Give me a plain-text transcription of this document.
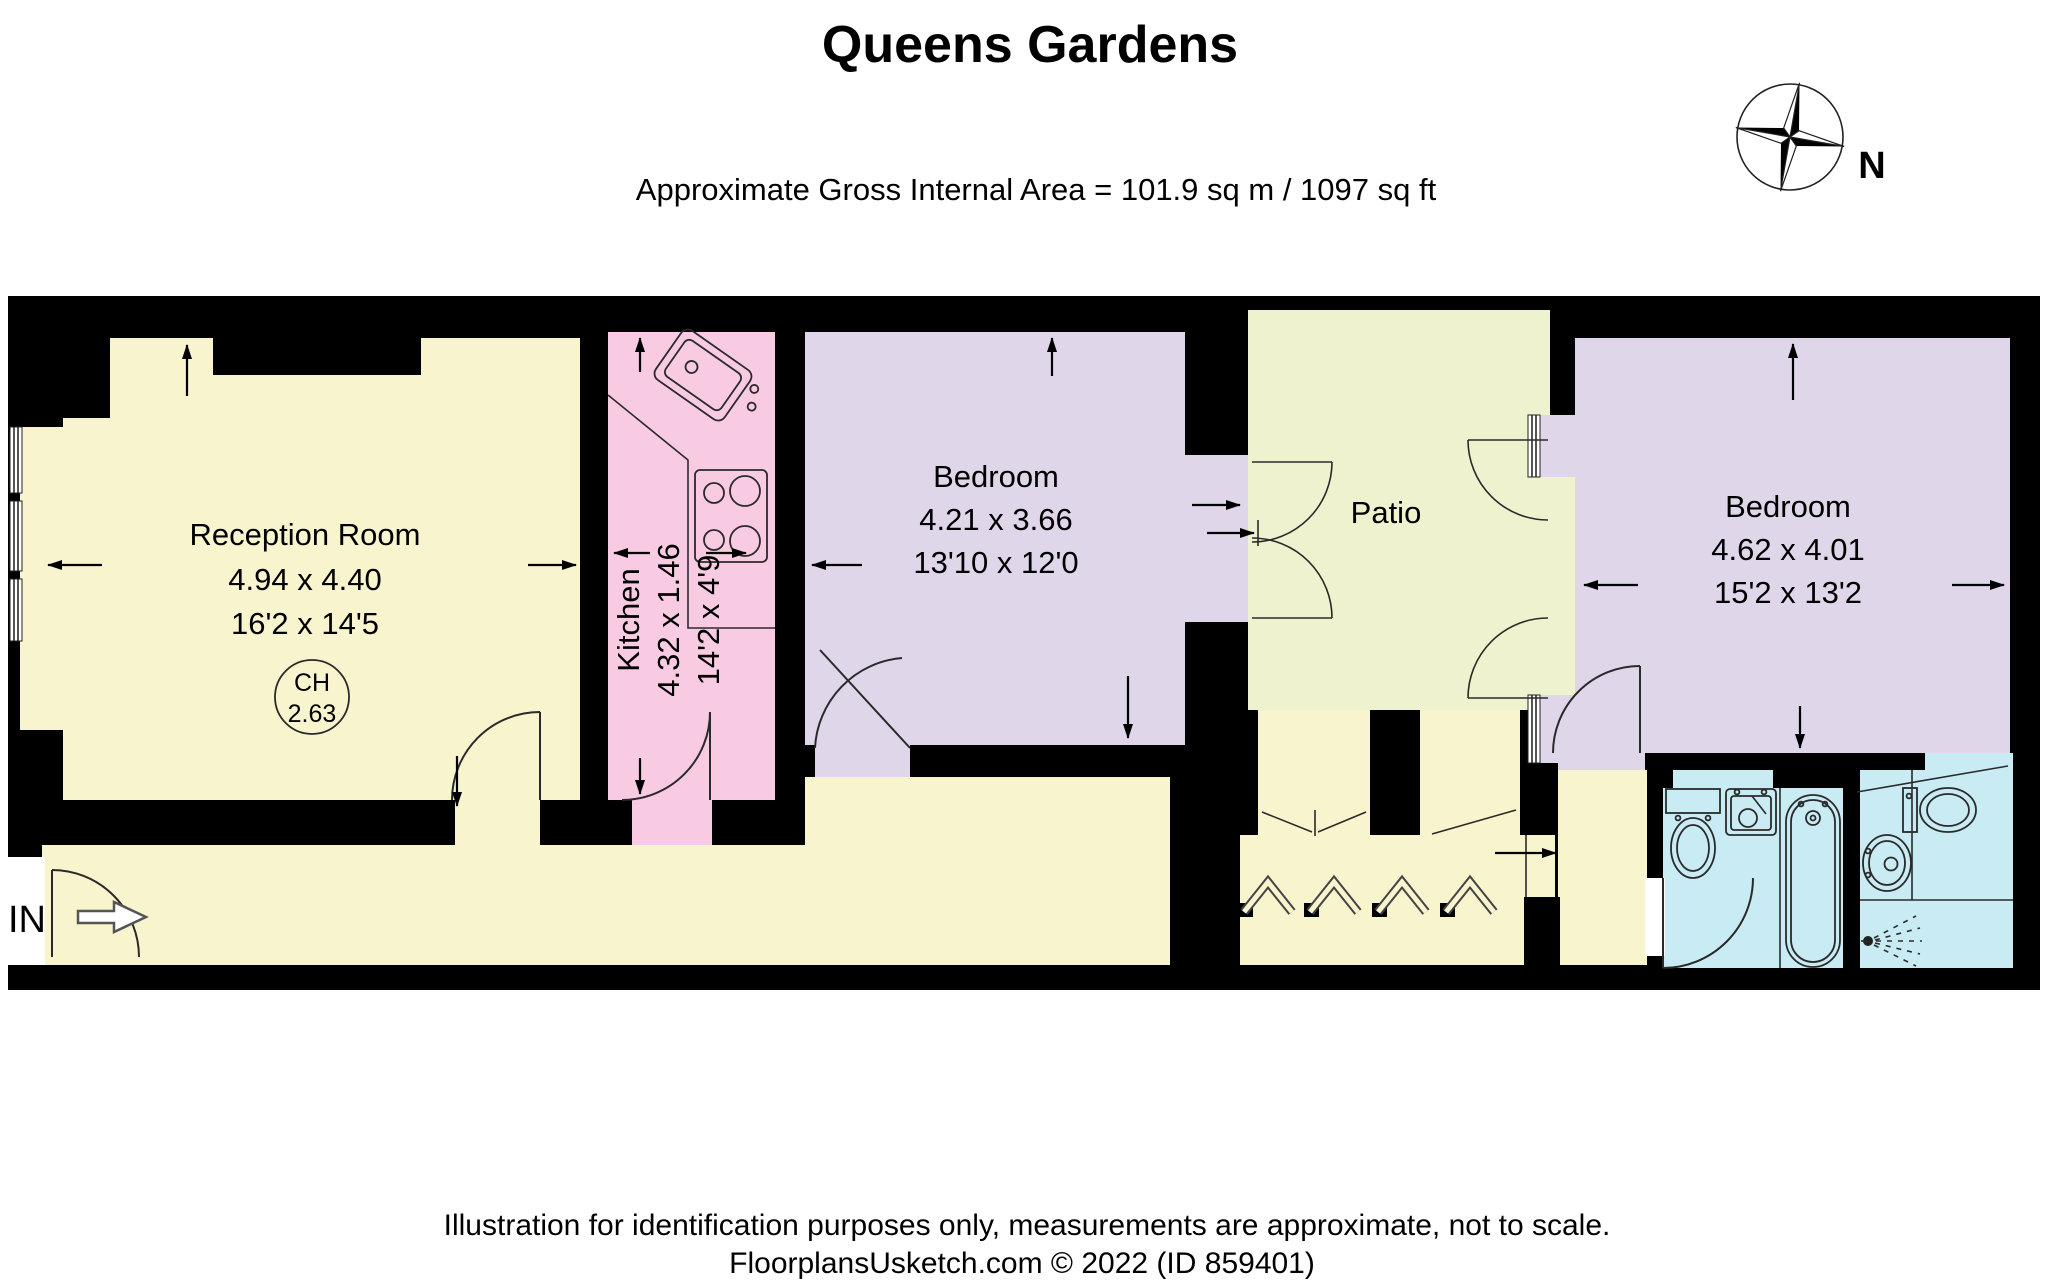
Queens Gardens
Approximate Gross Internal Area = 101.9 sq m / 1097 sq ft
N
IN
Reception Room
4.94 x 4.40
16'2 x 14'5
CH
2.63
Kitchen 4.32 x 1.46 14'2 x 4'9
Bedroom
4.21 x 3.66
13'10 x 12'0
Patio	Bedroom
4.62 x 4.01
15'2 x 13'2
Illustration for identification purposes only, measurements are approximate, not to scale.
FloorplansUsketch.com © 2022 (ID 859401)
